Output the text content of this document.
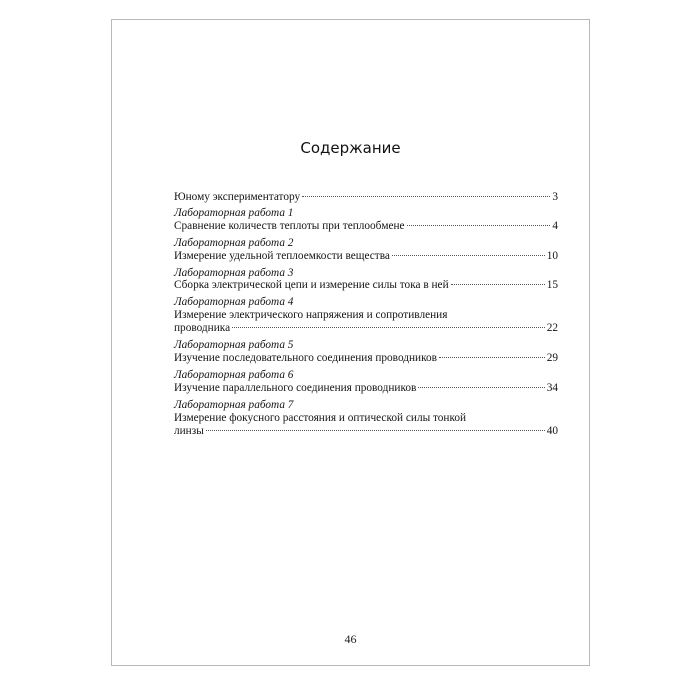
Содержание
Юному экспериментатору	3
Лабораторная работа 1
Сравнение количеств теплоты при теплообмене	4
Лабораторная работа 2
Измерение удельной теплоемкости вещества	10
Лабораторная работа 3
Сборка электрической цепи и измерение силы тока в ней	15
Лабораторная работа 4
Измерение электрического напряжения и сопротивления
проводника	22
Лабораторная работа 5
Изучение последовательного соединения проводников	29
Лабораторная работа 6
Изучение параллельного соединения проводников	34
Лабораторная работа 7
Измерение фокусного расстояния и оптической силы тонкой
линзы	40
46
